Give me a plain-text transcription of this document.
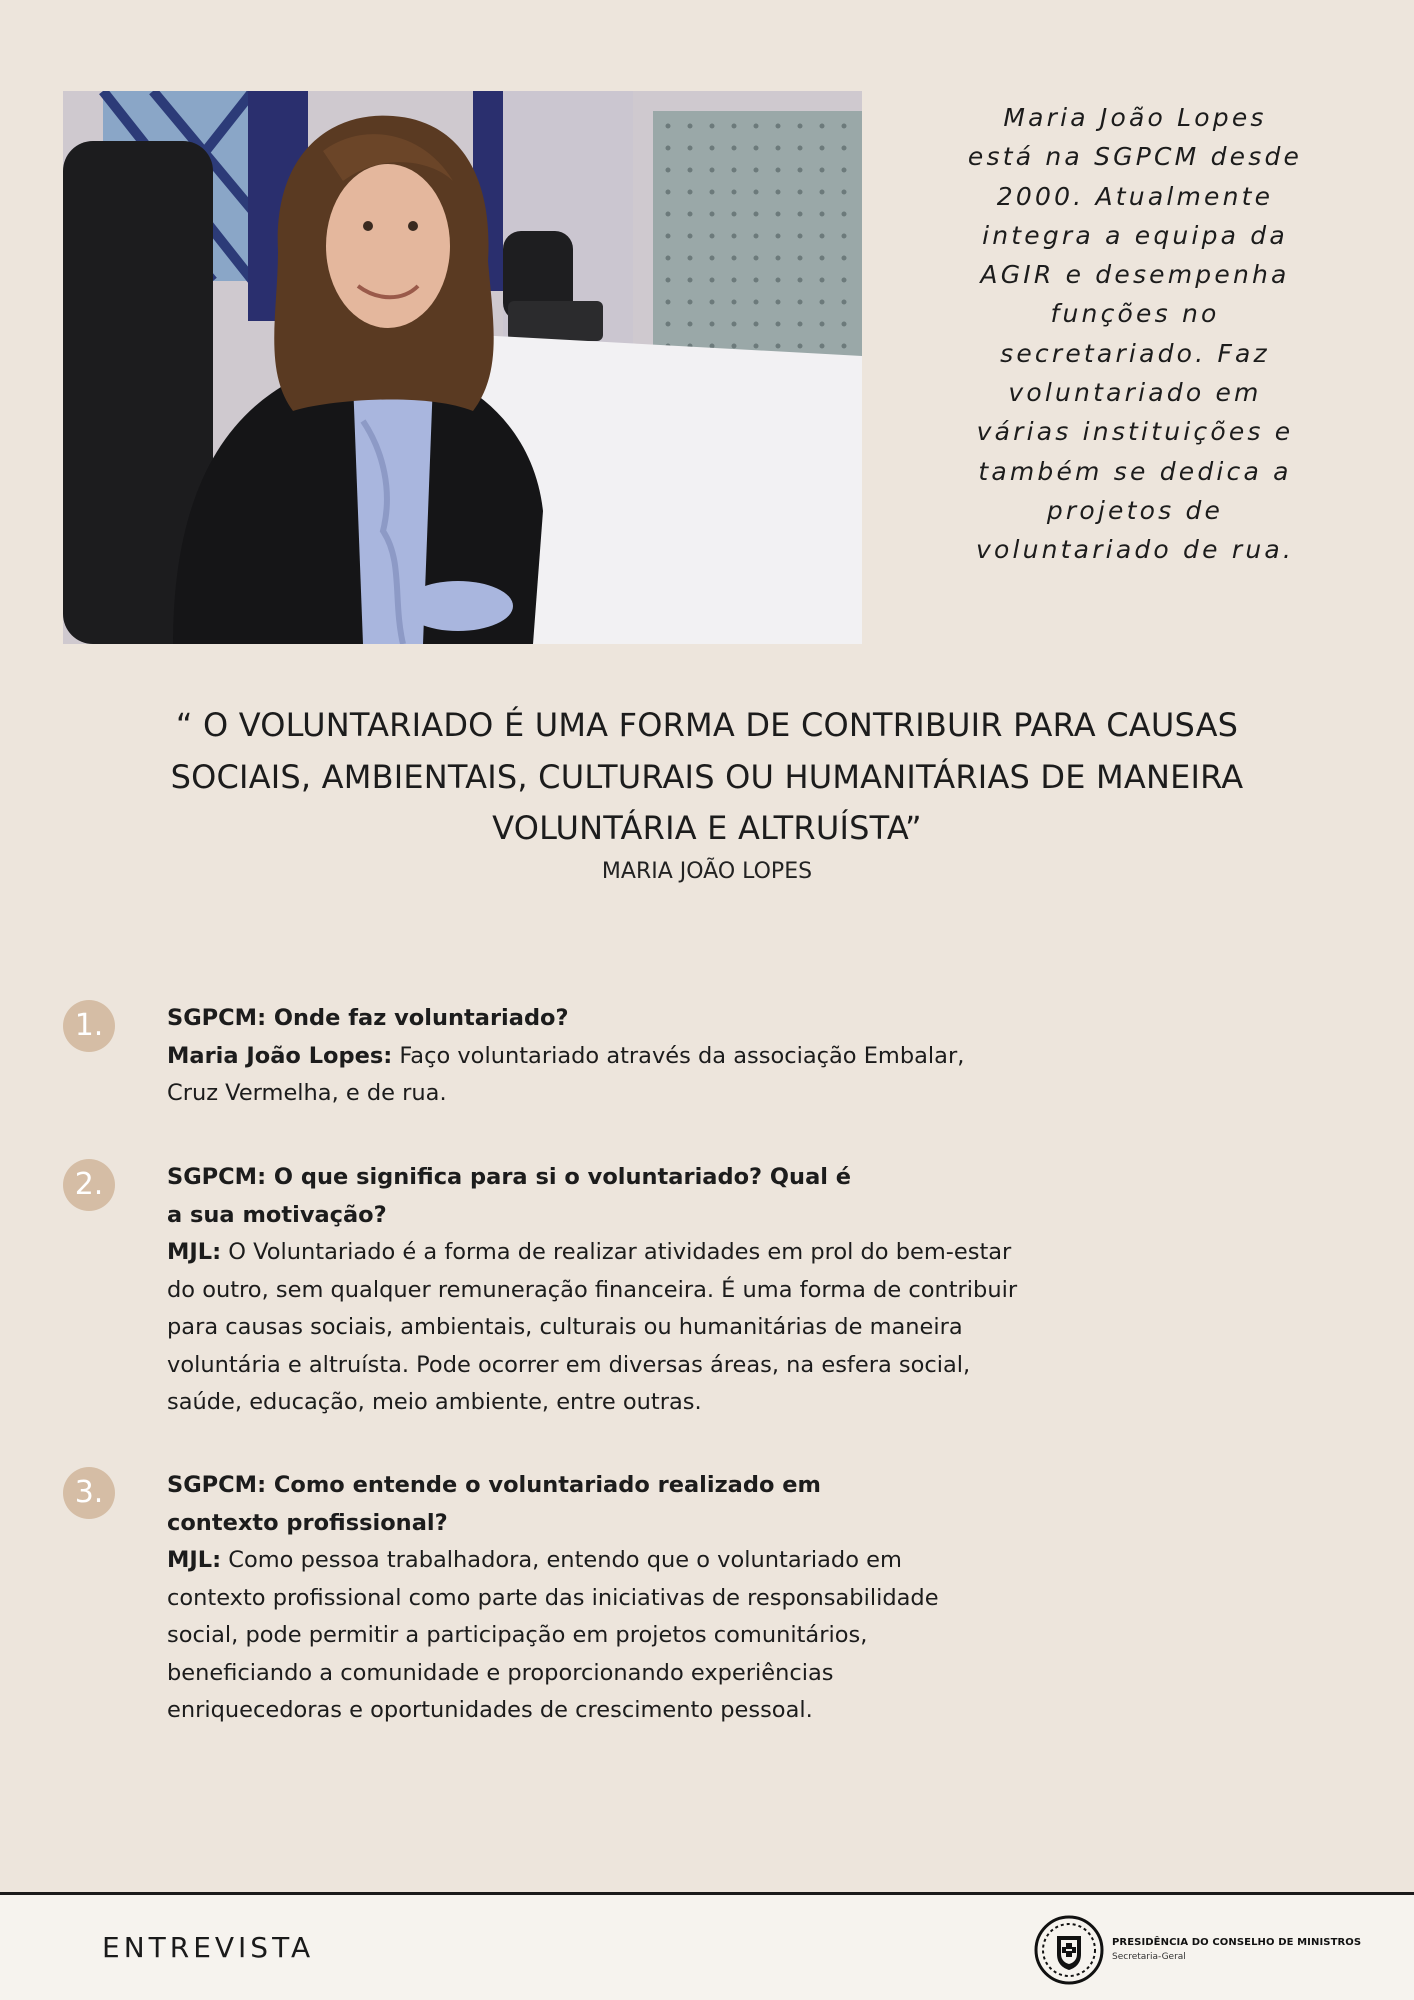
Maria João Lopes está na SGPCM desde 2000. Atualmente integra a equipa da AGIR e desempenha funções no secretariado. Faz voluntariado em várias instituições e também se dedica a projetos de voluntariado de rua.
“ O VOLUNTARIADO É UMA FORMA DE CONTRIBUIR PARA CAUSAS SOCIAIS, AMBIENTAIS, CULTURAIS OU HUMANITÁRIAS DE MANEIRA VOLUNTÁRIA E ALTRUÍSTA”
MARIA JOÃO LOPES
1.	SGPCM: Onde faz voluntariado?
Maria João Lopes: Faço voluntariado através da associação Embalar, Cruz Vermelha, e de rua.
2.	SGPCM: O que significa para si o voluntariado? Qual é a sua motivação?
MJL: O Voluntariado é a forma de realizar atividades em prol do bem-estar do outro, sem qualquer remuneração financeira. É uma forma de contribuir para causas sociais, ambientais, culturais ou humanitárias de maneira voluntária e altruísta. Pode ocorrer em diversas áreas, na esfera social, saúde, educação, meio ambiente, entre outras.
3.	SGPCM: Como entende o voluntariado realizado em contexto profissional?
MJL: Como pessoa trabalhadora, entendo que o voluntariado em contexto profissional como parte das iniciativas de responsabilidade social, pode permitir a participação em projetos comunitários, beneficiando a comunidade e proporcionando experiências enriquecedoras e oportunidades de crescimento pessoal.
ENTREVISTA	PRESIDÊNCIA DO CONSELHO DE MINISTROS
Secretaria-Geral
